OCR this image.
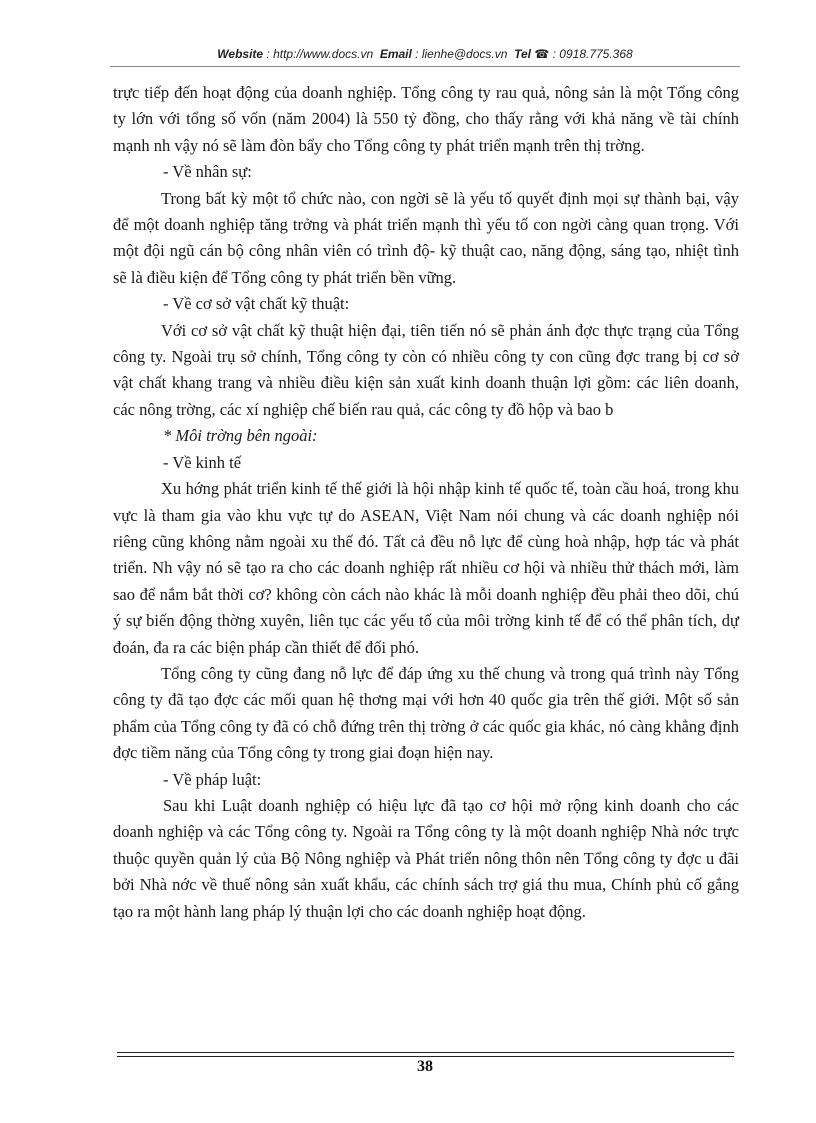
Website : http://www.docs.vn Email : lienhe@docs.vn Tel ☎ : 0918.775.368

trực tiếp đến hoạt động của doanh nghiệp. Tổng công ty rau quả, nông sản là một Tổng công ty lớn với tổng số vốn (năm 2004) là 550 tỷ đồng, cho thấy rằng với khả năng về tài chính mạnh nh vậy nó sẽ làm đòn bẩy cho Tổng công ty phát triển mạnh trên thị trờng.

- Về nhân sự:

Trong bất kỳ một tổ chức nào, con ngời sẽ là yếu tố quyết định mọi sự thành bại, vậy để một doanh nghiệp tăng trởng và phát triển mạnh thì yếu tố con ngời càng quan trọng. Với một đội ngũ cán bộ công nhân viên có trình độ- kỹ thuật cao, năng động, sáng tạo, nhiệt tình sẽ là điều kiện để Tổng công ty phát triển bền vững.

- Về cơ sở vật chất kỹ thuật:

Với cơ sở vật chất kỹ thuật hiện đại, tiên tiến nó sẽ phản ánh đợc thực trạng của Tổng công ty. Ngoài trụ sở chính, Tổng công ty còn có nhiều công ty con cũng đợc trang bị cơ sở vật chất khang trang và nhiều điều kiện sản xuất kinh doanh thuận lợi gồm: các liên doanh, các nông trờng, các xí nghiệp chế biến rau quả, các công ty đồ hộp và bao b

* Môi trờng bên ngoài:

- Về kinh tế

Xu hớng phát triển kinh tế thế giới là hội nhập kinh tế quốc tế, toàn cầu hoá, trong khu vực là tham gia vào khu vực tự do ASEAN, Việt Nam nói chung và các doanh nghiệp nói riêng cũng không nằm ngoài xu thế đó. Tất cả đều nỗ lực để cùng hoà nhập, hợp tác và phát triển. Nh vậy nó sẽ tạo ra cho các doanh nghiệp rất nhiều cơ hội và nhiều thử thách mới, làm sao để nắm bắt thời cơ? không còn cách nào khác là mỗi doanh nghiệp đều phải theo dõi, chú ý sự biến động thờng xuyên, liên tục các yếu tố của môi trờng kinh tế để có thể phân tích, dự đoán, đa ra các biện pháp cần thiết để đối phó.

Tổng công ty cũng đang nỗ lực để đáp ứng xu thế chung và trong quá trình này Tổng công ty đã tạo đợc các mối quan hệ thơng mại với hơn 40 quốc gia trên thế giới. Một số sản phẩm của Tổng công ty đã có chỗ đứng trên thị trờng ở các quốc gia khác, nó càng khẳng định đợc tiềm năng của Tổng công ty trong giai đoạn hiện nay.

- Về pháp luật:

Sau khi Luật doanh nghiệp có hiệu lực đã tạo cơ hội mở rộng kinh doanh cho các doanh nghiệp và các Tổng công ty. Ngoài ra Tổng công ty là một doanh nghiệp Nhà nớc trực thuộc quyền quản lý của Bộ Nông nghiệp và Phát triển nông thôn nên Tổng công ty đợc u đãi bởi Nhà nớc về thuế nông sản xuất khẩu, các chính sách trợ giá thu mua, Chính phủ cố gắng tạo ra một hành lang pháp lý thuận lợi cho các doanh nghiệp hoạt động.

38
